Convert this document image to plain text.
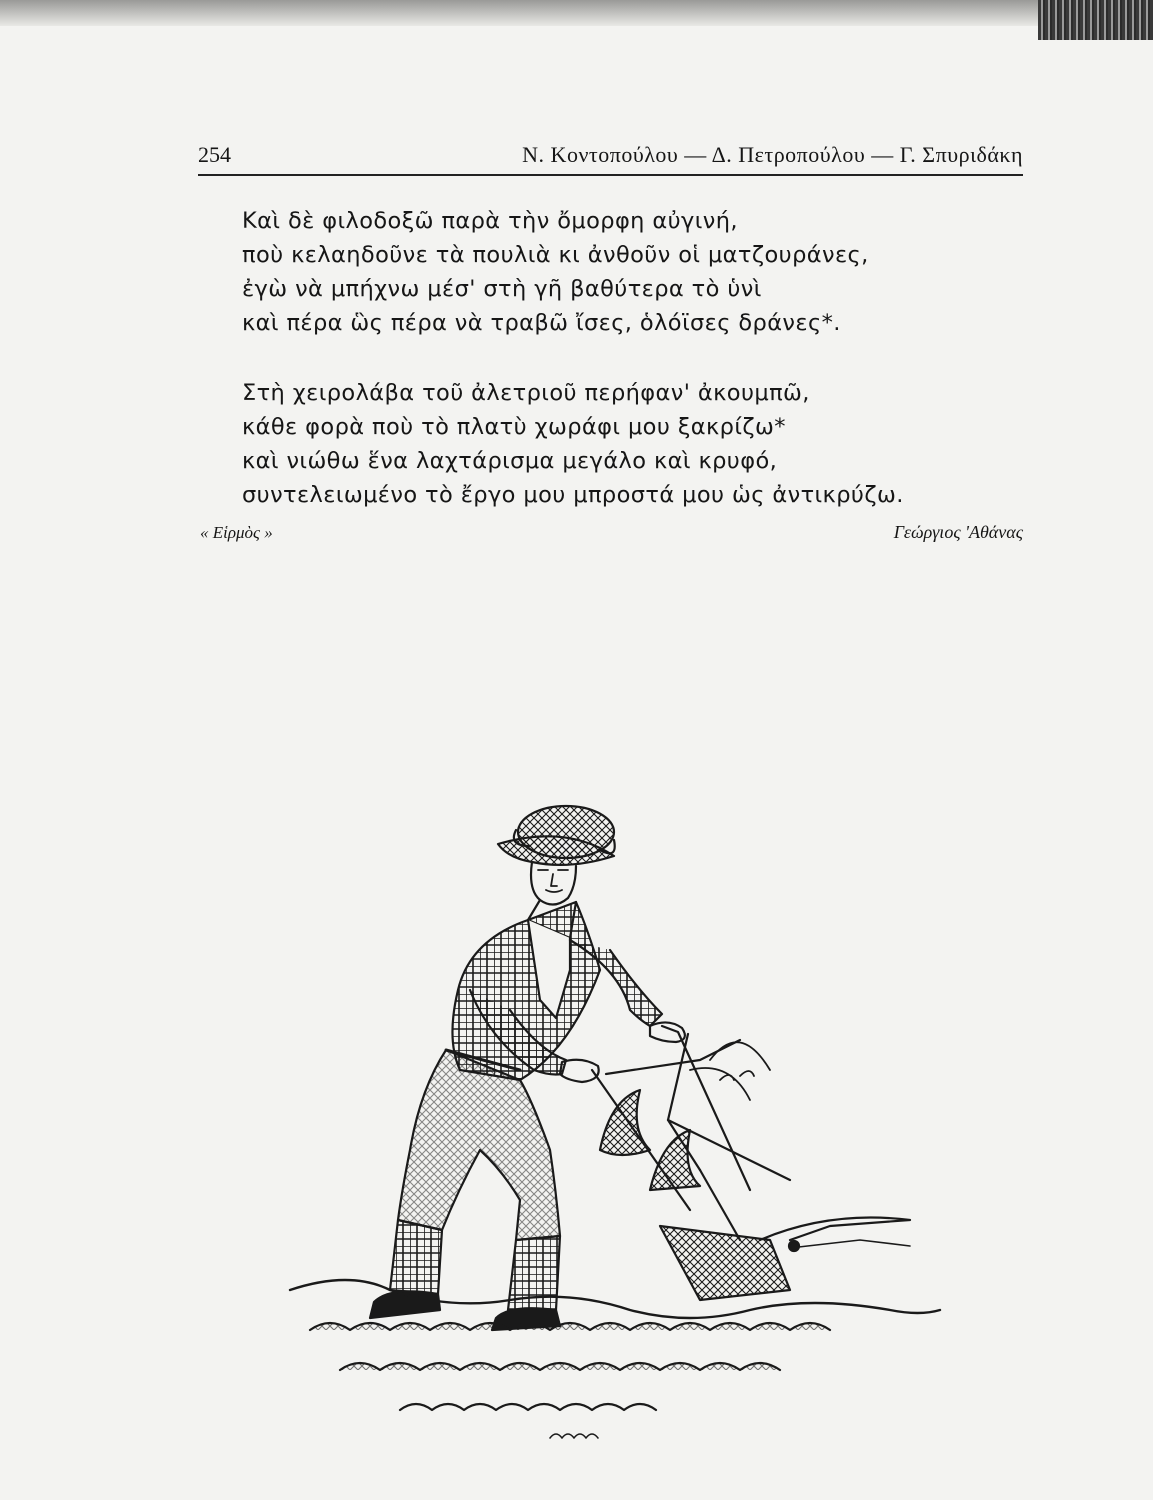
254	Ν. Κοντοπούλου — Δ. Πετροπούλου — Γ. Σπυριδάκη
Καὶ δὲ φιλοδοξῶ παρὰ τὴν ὄμορφη αὐγινή,
ποὺ κελαηδοῦνε τὰ πουλιὰ κι ἀνθοῦν οἱ ματζουράνες,
ἐγὼ νὰ μπήχνω μέσ' στὴ γῆ βαθύτερα τὸ ὑνὶ
καὶ πέρα ὣς πέρα νὰ τραβῶ ἴσες, ὁλόϊσες δράνες*.
Στὴ χειρολάβα τοῦ ἀλετριοῦ περήφαν' ἀκουμπῶ,
κάθε φορὰ ποὺ τὸ πλατὺ χωράφι μου ξακρίζω*
καὶ νιώθω ἕνα λαχτάρισμα μεγάλο καὶ κρυφό,
συντελειωμένο τὸ ἔργο μου μπροστά μου ὡς ἀντικρύζω.
« Εἱρμὸς »	Γεώργιος 'Αθάνας
